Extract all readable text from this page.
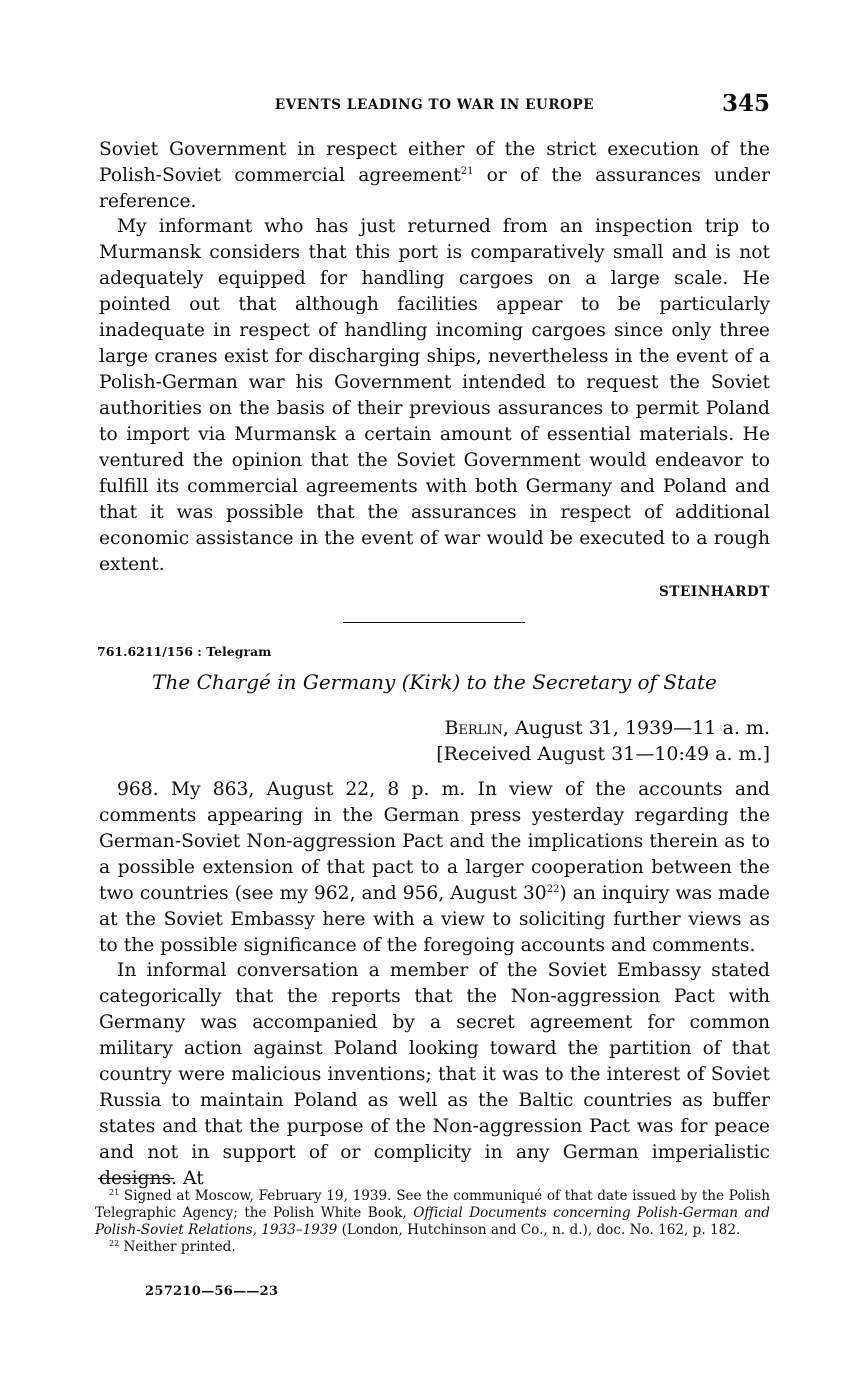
EVENTS LEADING TO WAR IN EUROPE	345

Soviet Government in respect either of the strict execution of the Polish-Soviet commercial agreement$^{21}$ or of the assurances under reference.

My informant who has just returned from an inspection trip to Murmansk considers that this port is comparatively small and is not adequately equipped for handling cargoes on a large scale. He pointed out that although facilities appear to be particularly inadequate in respect of handling incoming cargoes since only three large cranes exist for discharging ships, nevertheless in the event of a Polish-German war his Government intended to request the Soviet authorities on the basis of their previous assurances to permit Poland to import via Murmansk a certain amount of essential materials. He ventured the opinion that the Soviet Government would endeavor to fulfill its commercial agreements with both Germany and Poland and that it was possible that the assurances in respect of additional economic assistance in the event of war would be executed to a rough extent.

STEINHARDT
761.6211/156 : Telegram
The Chargé in Germany (Kirk) to the Secretary of State
Berlin, August 31, 1939—11 a. m.
[Received August 31—10:49 a. m.]

968. My 863, August 22, 8 p. m. In view of the accounts and comments appearing in the German press yesterday regarding the German-Soviet Non-aggression Pact and the implications therein as to a possible extension of that pact to a larger cooperation between the two countries (see my 962, and 956, August 30$^{22}$) an inquiry was made at the Soviet Embassy here with a view to soliciting further views as to the possible significance of the foregoing accounts and comments.

In informal conversation a member of the Soviet Embassy stated categorically that the reports that the Non-aggression Pact with Germany was accompanied by a secret agreement for common military action against Poland looking toward the partition of that country were malicious inventions; that it was to the interest of Soviet Russia to maintain Poland as well as the Baltic countries as buffer states and that the purpose of the Non-aggression Pact was for peace and not in support of or complicity in any German imperialistic designs. At

$^{21}$ Signed at Moscow, February 19, 1939. See the communiqué of that date issued by the Polish Telegraphic Agency; the Polish White Book, Official Documents concerning Polish-German and Polish-Soviet Relations, 1933–1939 (London, Hutchinson and Co., n. d.), doc. No. 162, p. 182.

$^{22}$ Neither printed.

257210—56——23
